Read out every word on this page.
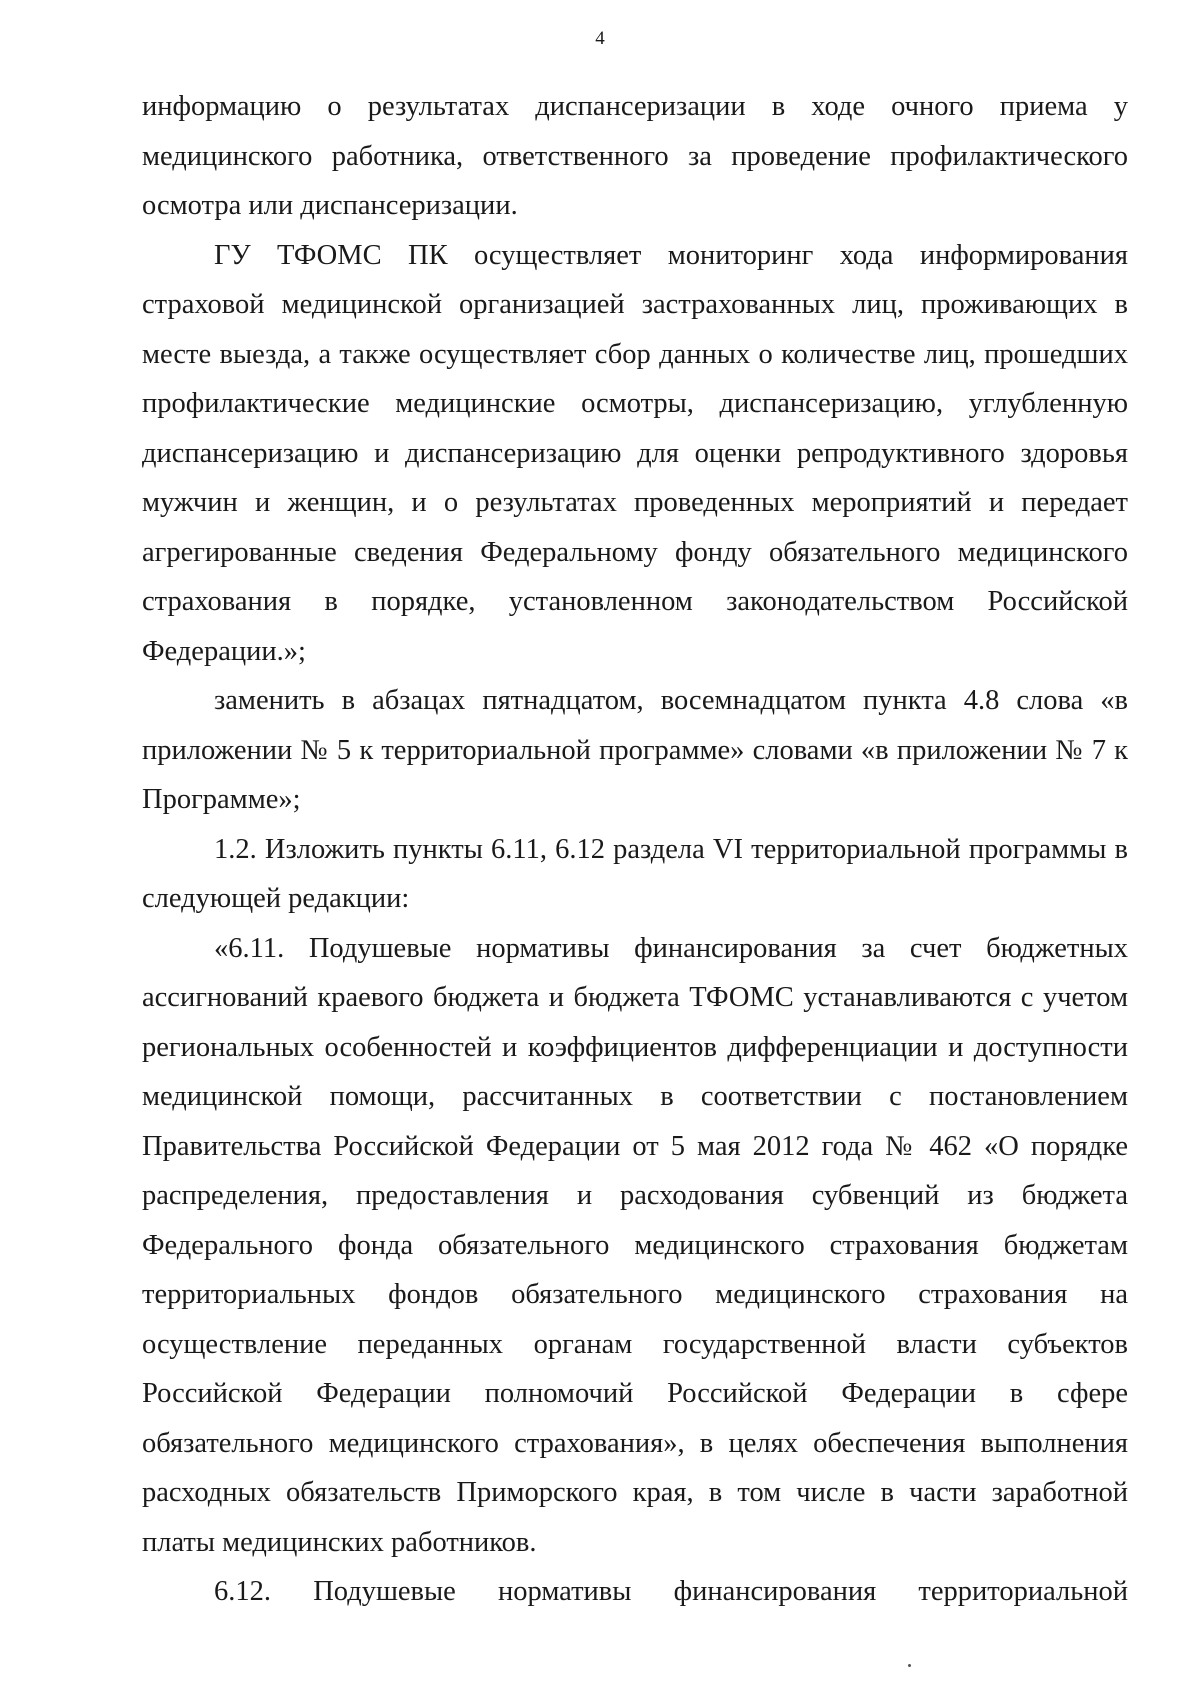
4

информацию о результатах диспансеризации в ходе очного приема у медицинского работника, ответственного за проведение профилактического осмотра или диспансеризации.

ГУ ТФОМС ПК осуществляет мониторинг хода информирования страховой медицинской организацией застрахованных лиц, проживающих в месте выезда, а также осуществляет сбор данных о количестве лиц, прошедших профилактические медицинские осмотры, диспансеризацию, углубленную диспансеризацию и диспансеризацию для оценки репродуктивного здоровья мужчин и женщин, и о результатах проведенных мероприятий и передает агрегированные сведения Федеральному фонду обязательного медицинского страхования в порядке, установленном законодательством Российской Федерации.»;

заменить в абзацах пятнадцатом, восемнадцатом пункта 4.8 слова «в приложении № 5 к территориальной программе» словами «в приложении № 7 к Программе»;

1.2. Изложить пункты 6.11, 6.12 раздела VI территориальной программы в следующей редакции:

«6.11. Подушевые нормативы финансирования за счет бюджетных ассигнований краевого бюджета и бюджета ТФОМС устанавливаются с учетом региональных особенностей и коэффициентов дифференциации и доступности медицинской помощи, рассчитанных в соответствии с постановлением Правительства Российской Федерации от 5 мая 2012 года № 462 «О порядке распределения, предоставления и расходования субвенций из бюджета Федерального фонда обязательного медицинского страхования бюджетам территориальных фондов обязательного медицинского страхования на осуществление переданных органам государственной власти субъектов Российской Федерации полномочий Российской Федерации в сфере обязательного медицинского страхования», в целях обеспечения выполнения расходных обязательств Приморского края, в том числе в части заработной платы медицинских работников.

6.12. Подушевые нормативы финансирования территориальной
